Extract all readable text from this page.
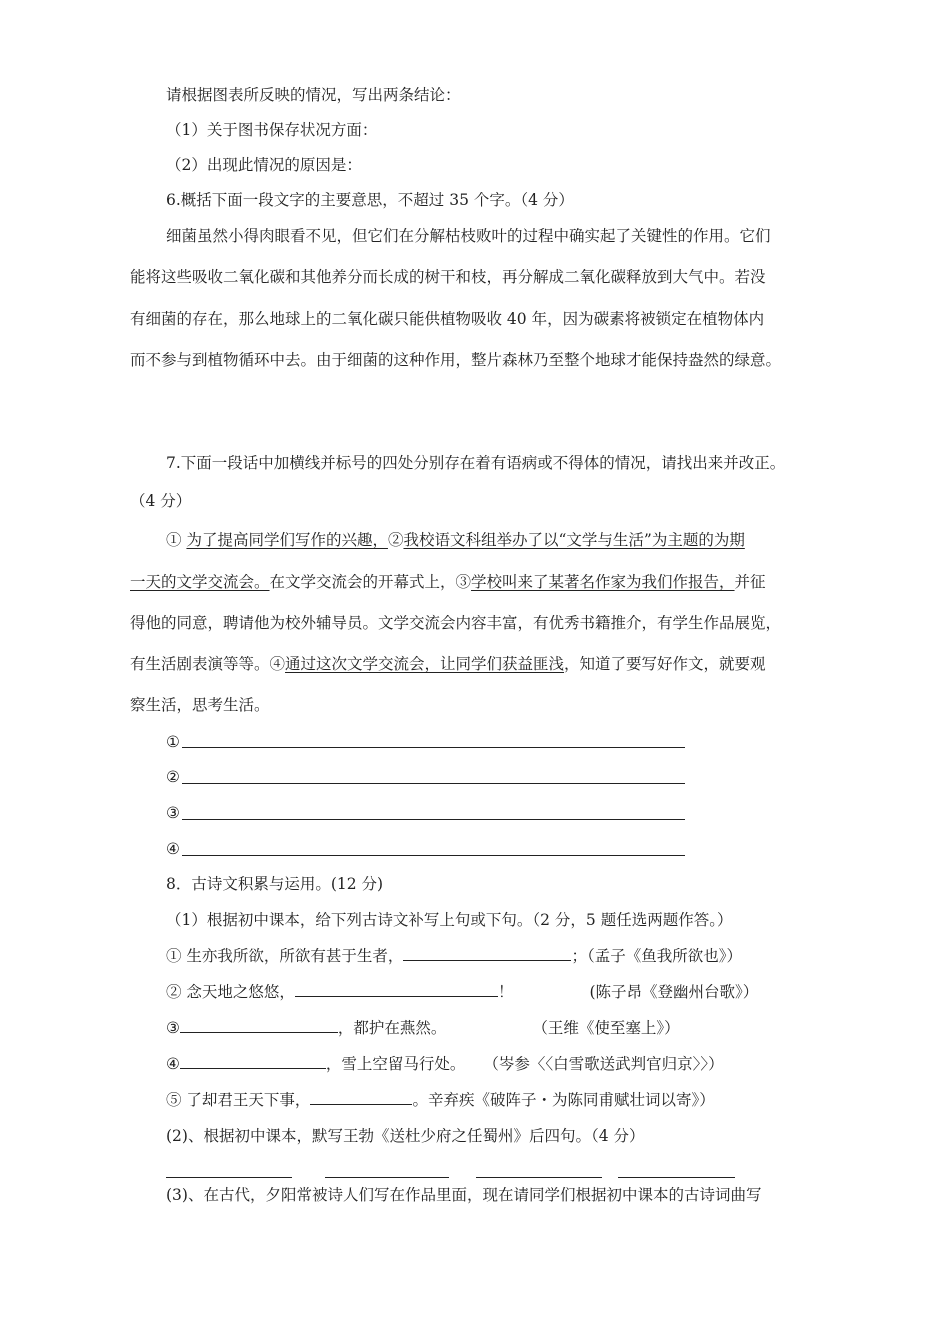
请根据图表所反映的情况，写出两条结论：
（1）关于图书保存状况方面：
（2）出现此情况的原因是：
6.概括下面一段文字的主要意思，不超过 35 个字。（4 分）
细菌虽然小得肉眼看不见，但它们在分解枯枝败叶的过程中确实起了关键性的作用。它们
能将这些吸收二氧化碳和其他养分而长成的树干和枝，再分解成二氧化碳释放到大气中。若没
有细菌的存在，那么地球上的二氧化碳只能供植物吸收 40 年，因为碳素将被锁定在植物体内
而不参与到植物循环中去。由于细菌的这种作用，整片森林乃至整个地球才能保持盎然的绿意。
7.下面一段话中加横线并标号的四处分别存在着有语病或不得体的情况，请找出来并改正。
（4 分）
① 为了提高同学们写作的兴趣，②我校语文科组举办了以“文学与生活”为主题的为期
一天的文学交流会。在文学交流会的开幕式上，③学校叫来了某著名作家为我们作报告，并征
得他的同意，聘请他为校外辅导员。文学交流会内容丰富，有优秀书籍推介，有学生作品展览，
有生活剧表演等等。④通过这次文学交流会，让同学们获益匪浅，知道了要写好作文，就要观
察生活，思考生活。
①
②
③
④
8．古诗文积累与运用。(12 分)
（1）根据初中课本，给下列古诗文补写上句或下句。（2 分，5 题任选两题作答。）
① 生亦我所欲，所欲有甚于生者，	；（孟子《鱼我所欲也》）
② 念天地之悠悠，	！	(陈子昂《登幽州台歌》）
③	，都护在燕然。	（王维《使至塞上》）
④	，雪上空留马行处。 （岑参〈〈白雪歌送武判官归京〉〉）
⑤ 了却君王天下事，	。辛弃疾《破阵子・为陈同甫赋壮词以寄》）
(2)、根据初中课本，默写王勃《送杜少府之任蜀州》后四句。（4 分）
(3)、在古代，夕阳常被诗人们写在作品里面，现在请同学们根据初中课本的古诗词曲写
